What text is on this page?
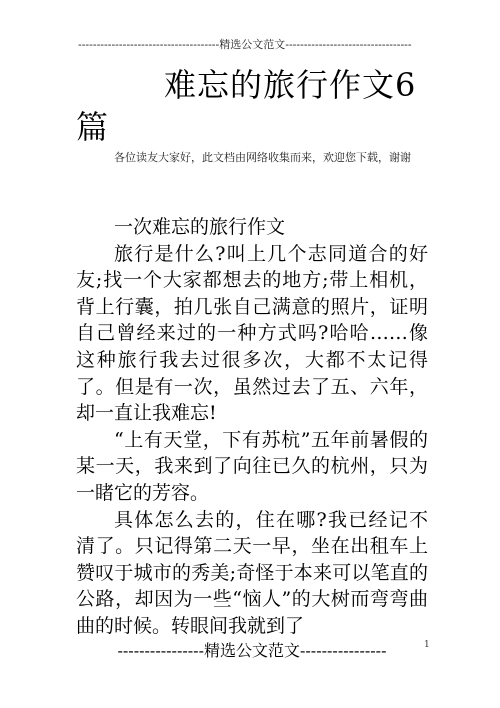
--------------------------------------精选公文范文----------------------------------
难忘的旅行作文6篇
各位读友大家好，此文档由网络收集而来，欢迎您下载，谢谢

一次难忘的旅行作文

旅行是什么?叫上几个志同道合的好友;找一个大家都想去的地方;带上相机，背上行囊，拍几张自己满意的照片，证明自己曾经来过的一种方式吗?哈哈……像这种旅行我去过很多次，大都不太记得了。但是有一次，虽然过去了五、六年，却一直让我难忘!

“上有天堂，下有苏杭”五年前暑假的某一天，我来到了向往已久的杭州，只为一睹它的芳容。

具体怎么去的，住在哪?我已经记不清了。只记得第二天一早，坐在出租车上赞叹于城市的秀美;奇怪于本来可以笔直的公路，却因为一些“恼人”的大树而弯弯曲曲的时候。转眼间我就到了

1
----------------精选公文范文----------------
